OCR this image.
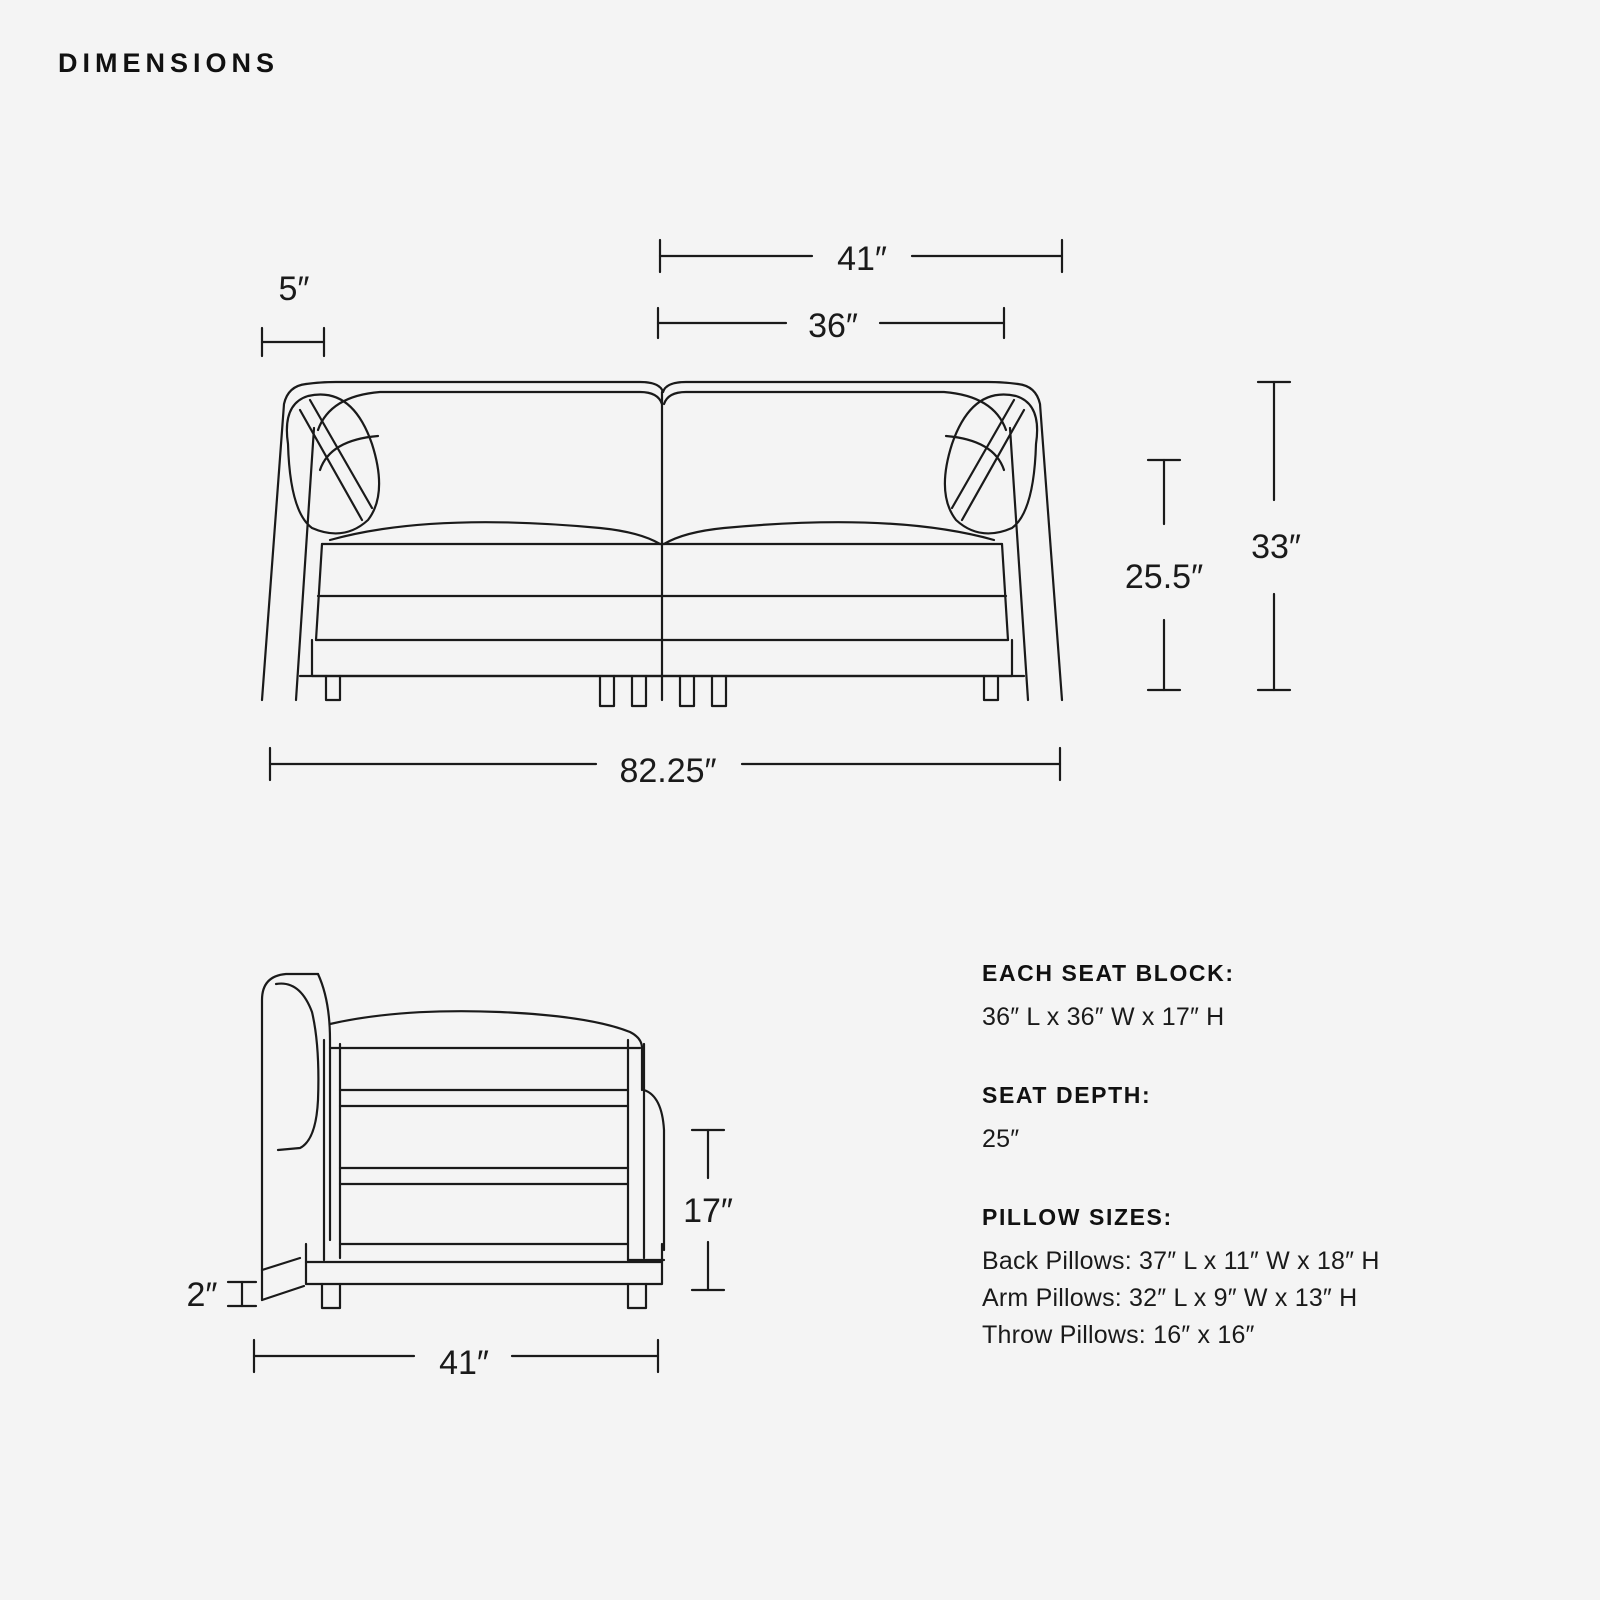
DIMENSIONS
41″
36″
5″
25.5″
33″
82.25″
17″
2″
41″
EACH SEAT BLOCK:
36″ L x 36″ W x 17″ H
SEAT DEPTH:
25″
PILLOW SIZES:
Back Pillows: 37″ L x 11″ W x 18″ H
Arm Pillows: 32″ L x 9″ W x 13″ H
Throw Pillows: 16″ x 16″
